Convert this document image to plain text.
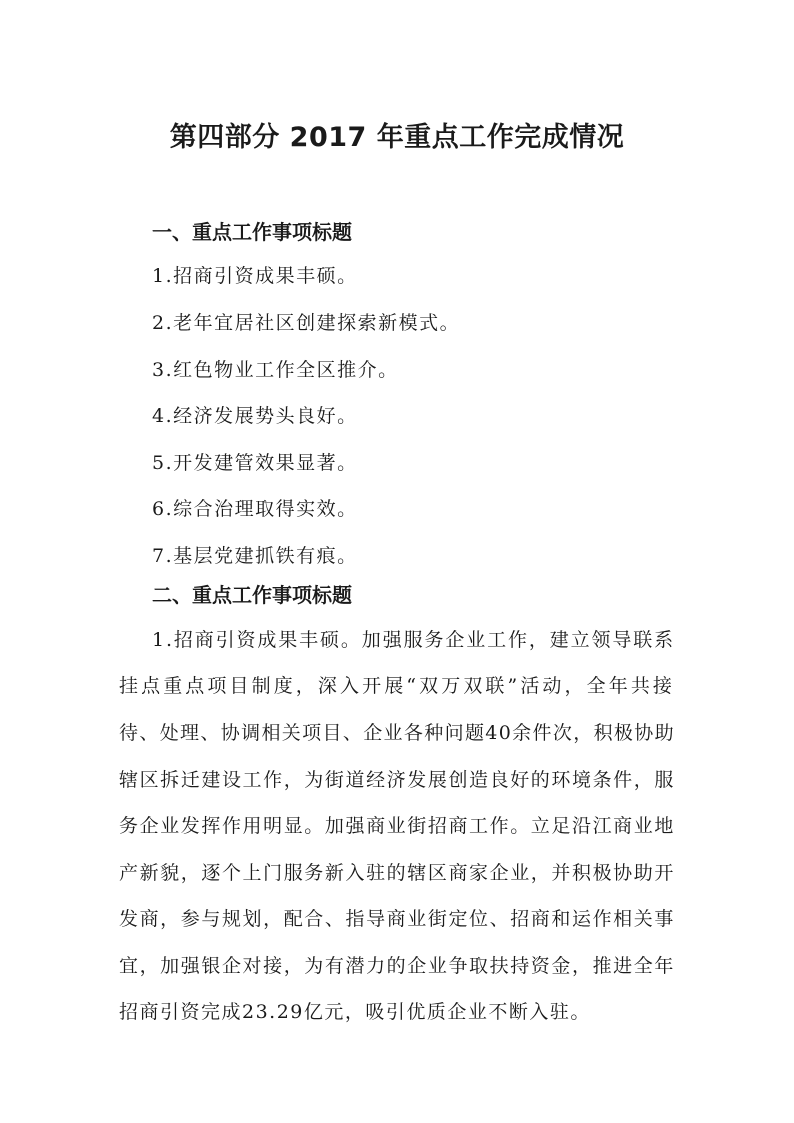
第四部分 2017 年重点工作完成情况
一、重点工作事项标题
1.招商引资成果丰硕。
2.老年宜居社区创建探索新模式。
3.红色物业工作全区推介。
4.经济发展势头良好。
5.开发建管效果显著。
6.综合治理取得实效。
7.基层党建抓铁有痕。
二、重点工作事项标题
1.招商引资成果丰硕。加强服务企业工作，建立领导联系
挂点重点项目制度，深入开展“双万双联”活动，全年共接
待、处理、协调相关项目、企业各种问题40余件次，积极协助
辖区拆迁建设工作，为街道经济发展创造良好的环境条件，服
务企业发挥作用明显。加强商业街招商工作。立足沿江商业地
产新貌，逐个上门服务新入驻的辖区商家企业，并积极协助开
发商，参与规划，配合、指导商业街定位、招商和运作相关事
宜，加强银企对接，为有潜力的企业争取扶持资金，推进全年
招商引资完成23.29亿元，吸引优质企业不断入驻。
